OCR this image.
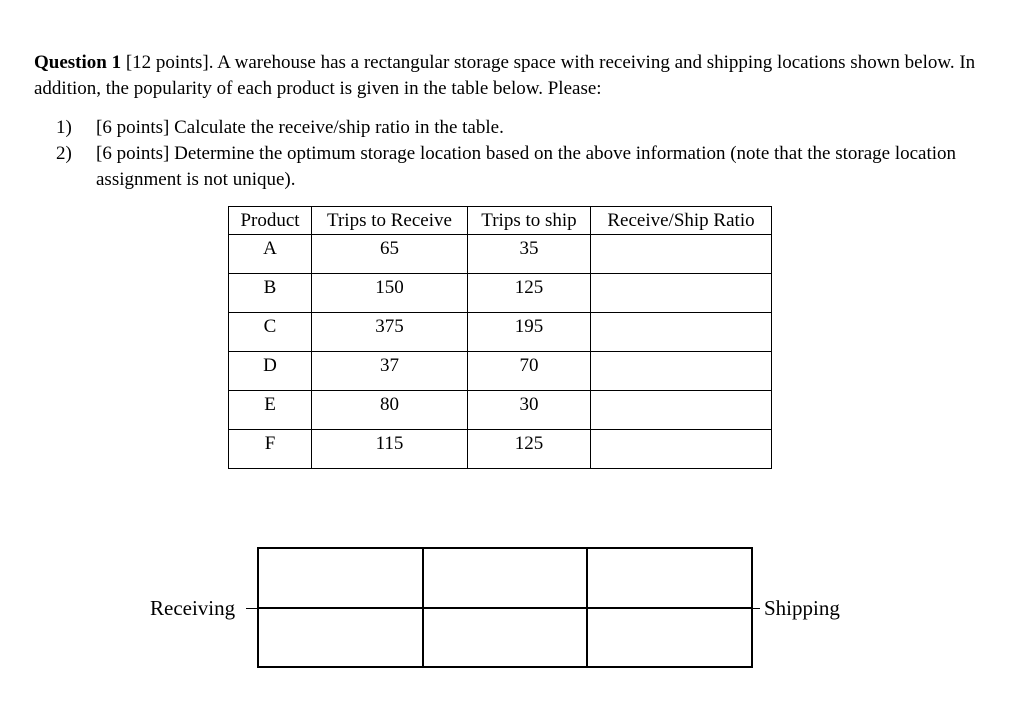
Question 1 [12 points]. A warehouse has a rectangular storage space with receiving and shipping locations shown below. In addition, the popularity of each product is given in the table below. Please:
1)	[6 points] Calculate the receive/ship ratio in the table.
2)	[6 points] Determine the optimum storage location based on the above information (note that the storage location assignment is not unique).
Product	Trips to Receive	Trips to ship	Receive/Ship Ratio
A	65	35	
B	150	125	
C	375	195	
D	37	70	
E	80	30	
F	115	125	
Receiving	Shipping
